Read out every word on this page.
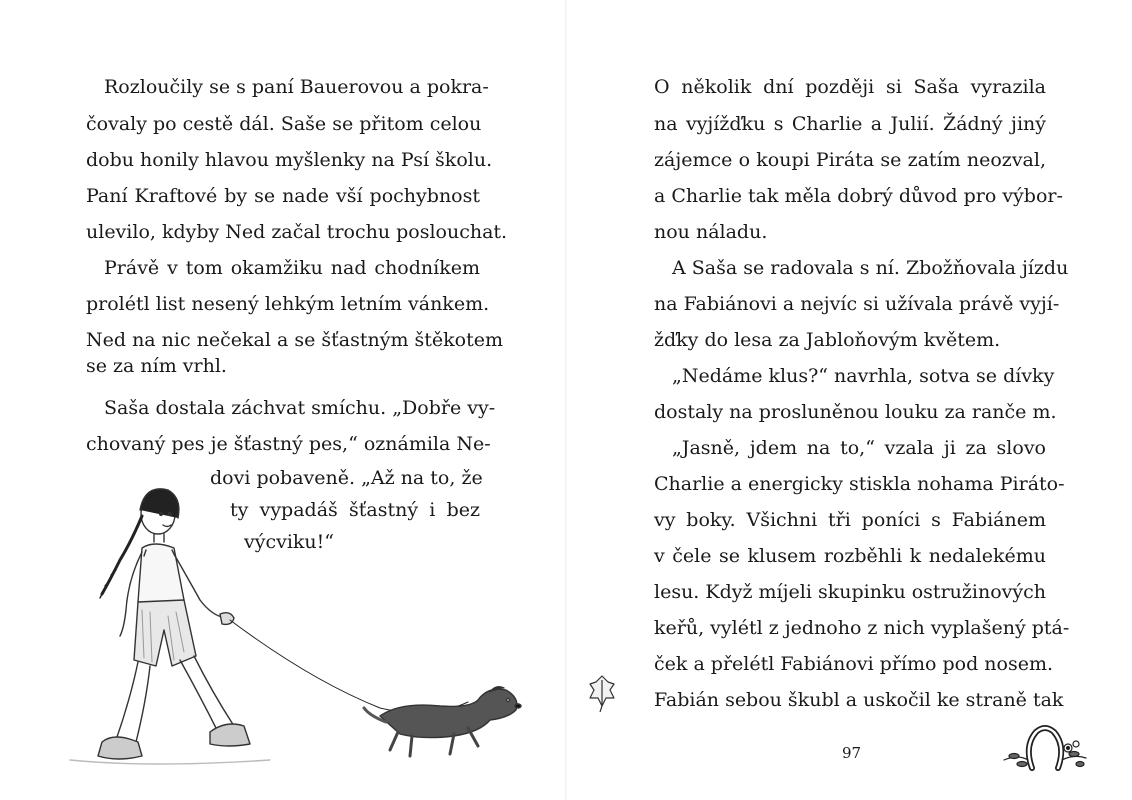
Rozloučily se s paní Bauerovou a pokra-
čovaly po cestě dál. Saše se přitom celou
dobu honily hlavou myšlenky na Psí školu.
Paní Kraftové by se nade vší pochybnost
ulevilo, kdyby Ned začal trochu poslouchat.
Právě v tom okamžiku nad chodníkem
prolétl list nesený lehkým letním vánkem.
Ned na nic nečekal a se šťastným štěkotem
se za ním vrhl.
Saša dostala záchvat smíchu. „Dobře vy-
chovaný pes je šťastný pes,“ oznámila Ne-
dovi pobaveně. „Až na to, že
ty vypadáš šťastný i bez
výcviku!“
O několik dní později si Saša vyrazila
na vyjížďku s Charlie a Julií. Žádný jiný
zájemce o koupi Piráta se zatím neozval,
a Charlie tak měla dobrý důvod pro výbor-
nou náladu.
A Saša se radovala s ní. Zbožňovala jízdu
na Fabiánovi a nejvíc si užívala právě vyjí-
žďky do lesa za Jabloňovým květem.
„Nedáme klus?“ navrhla, sotva se dívky
dostaly na prosluněnou louku za ranče m.
„Jasně, jdem na to,“ vzala ji za slovo
Charlie a energicky stiskla nohama Piráto-
vy boky. Všichni tři poníci s Fabiánem
v čele se klusem rozběhli k nedalekému
lesu. Když míjeli skupinku ostružinových
keřů, vylétl z jednoho z nich vyplašený ptá-
ček a přelétl Fabiánovi přímo pod nosem.
Fabián sebou škubl a uskočil ke straně tak
97
